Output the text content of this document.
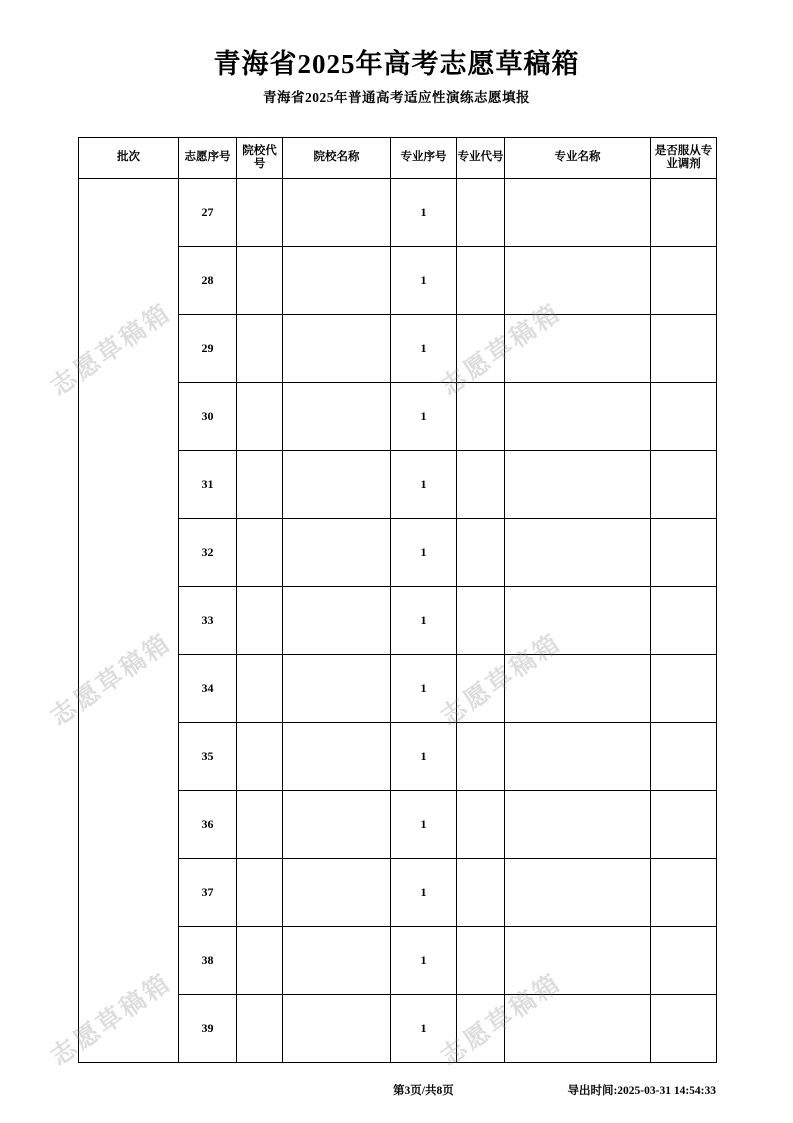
青海省2025年高考志愿草稿箱
青海省2025年普通高考适应性演练志愿填报
批次	志愿序号	院校代号	院校名称	专业序号	专业代号	专业名称	是否服从专业调剂
	27			1			
	28			1			
	29			1			
	30			1			
	31			1			
	32			1			
	33			1			
	34			1			
	35			1			
	36			1			
	37			1			
	38			1			
	39			1			
志愿草稿箱
志愿草稿箱
志愿草稿箱
志愿草稿箱
志愿草稿箱
志愿草稿箱
第3页/共8页	导出时间:2025-03-31 14:54:33
